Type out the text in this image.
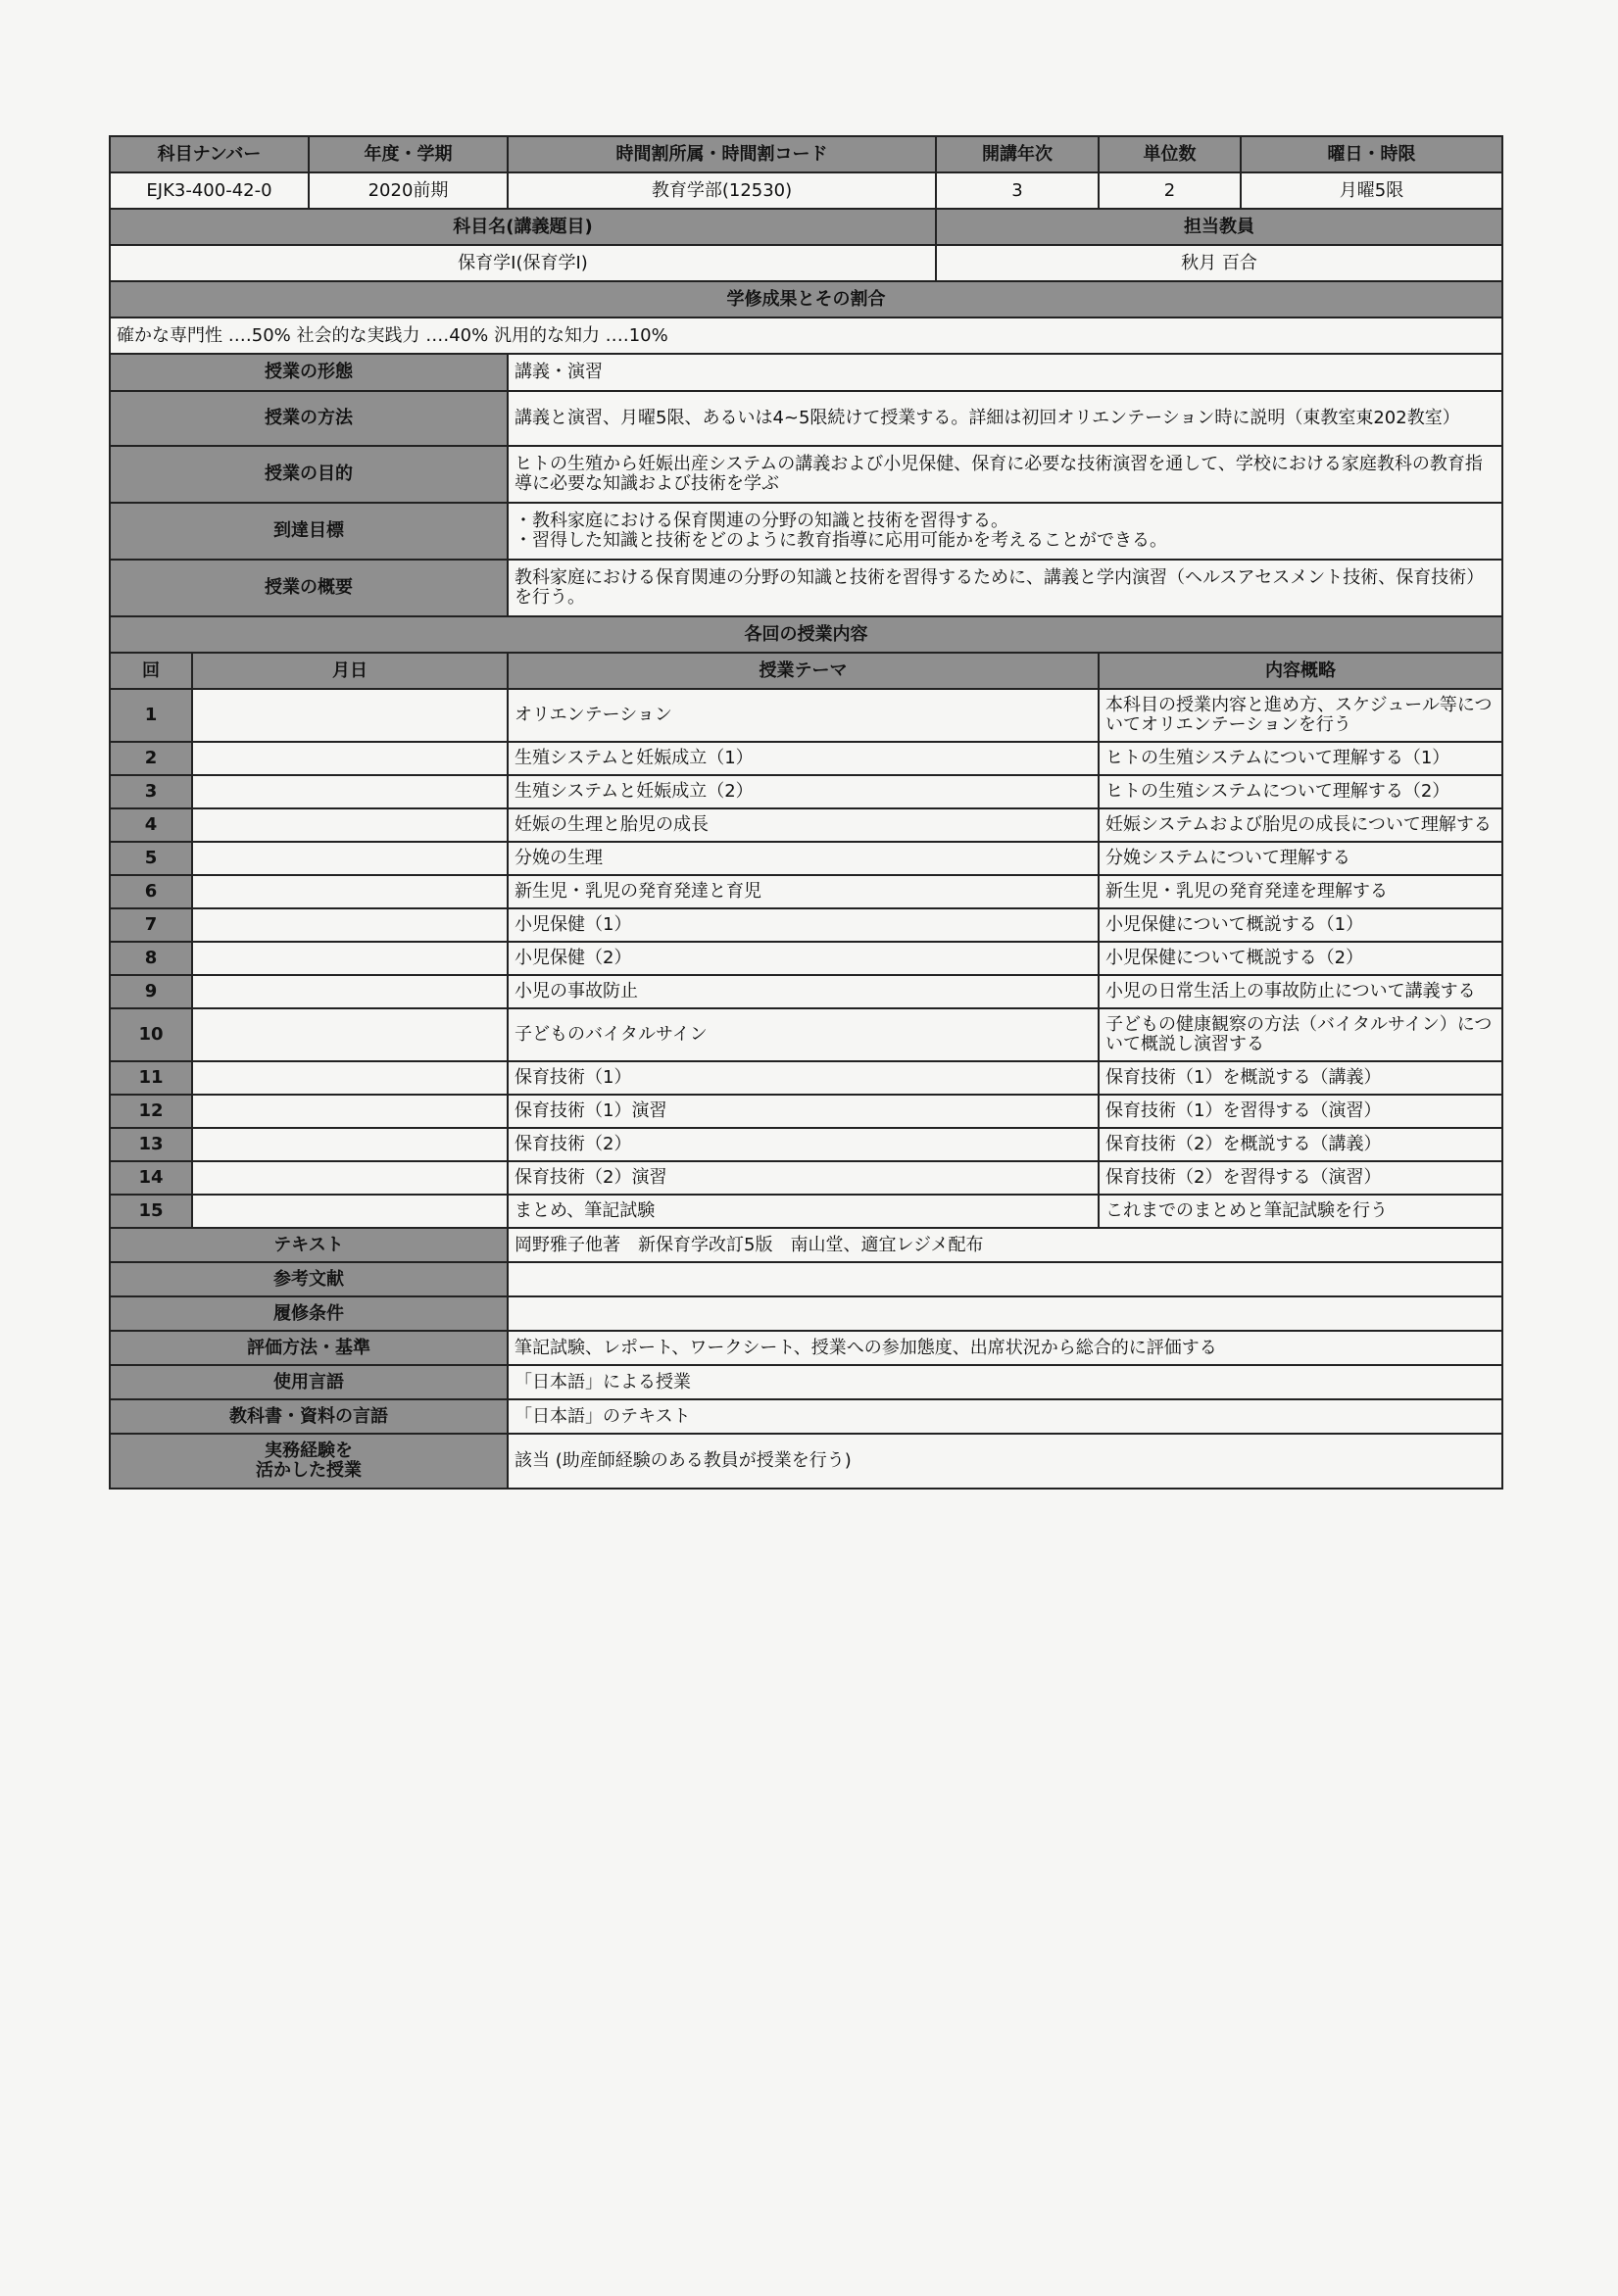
科目ナンバー		年度・学期	時間割所属・時間割コード	開講年次	単位数	曜日・時限
EJK3-400-42-0		2020前期	教育学部(12530)	3	2	月曜5限
科目名(講義題目)				担当教員		
保育学Ⅰ(保育学Ⅰ)				秋月 百合		
学修成果とその割合						
確かな専門性 ‥‥50% 社会的な実践力 ‥‥40% 汎用的な知力 ‥‥10%						
授業の形態			講義・演習			
授業の方法			講義と演習、月曜5限、あるいは4~5限続けて授業する。詳細は初回オリエンテーション時に説明（東教室東202教室）			
授業の目的			ヒトの生殖から妊娠出産システムの講義および小児保健、保育に必要な技術演習を通して、学校における家庭教科の教育指導に必要な知識および技術を学ぶ			
到達目標			・教科家庭における保育関連の分野の知識と技術を習得する。
・習得した知識と技術をどのように教育指導に応用可能かを考えることができる。			
授業の概要			教科家庭における保育関連の分野の知識と技術を習得するために、講義と学内演習（ヘルスアセスメント技術、保育技術）を行う。			
各回の授業内容						
回	月日		授業テーマ		内容概略	
1			オリエンテーション		本科目の授業内容と進め方、スケジュール等についてオリエンテーションを行う	
2			生殖システムと妊娠成立（1）		ヒトの生殖システムについて理解する（1）	
3			生殖システムと妊娠成立（2）		ヒトの生殖システムについて理解する（2）	
4			妊娠の生理と胎児の成長		妊娠システムおよび胎児の成長について理解する	
5			分娩の生理		分娩システムについて理解する	
6			新生児・乳児の発育発達と育児		新生児・乳児の発育発達を理解する	
7			小児保健（1）		小児保健について概説する（1）	
8			小児保健（2）		小児保健について概説する（2）	
9			小児の事故防止		小児の日常生活上の事故防止について講義する	
10			子どものバイタルサイン		子どもの健康観察の方法（バイタルサイン）について概説し演習する	
11			保育技術（1）		保育技術（1）を概説する（講義）	
12			保育技術（1）演習		保育技術（1）を習得する（演習）	
13			保育技術（2）		保育技術（2）を概説する（講義）	
14			保育技術（2）演習		保育技術（2）を習得する（演習）	
15			まとめ、筆記試験		これまでのまとめと筆記試験を行う	
テキスト			岡野雅子他著　新保育学改訂5版　南山堂、適宜レジメ配布			
参考文献						
履修条件						
評価方法・基準			筆記試験、レポート、ワークシート、授業への参加態度、出席状況から総合的に評価する			
使用言語			「日本語」による授業			
教科書・資料の言語			「日本語」のテキスト			
実務経験を
活かした授業			該当 (助産師経験のある教員が授業を行う)			
